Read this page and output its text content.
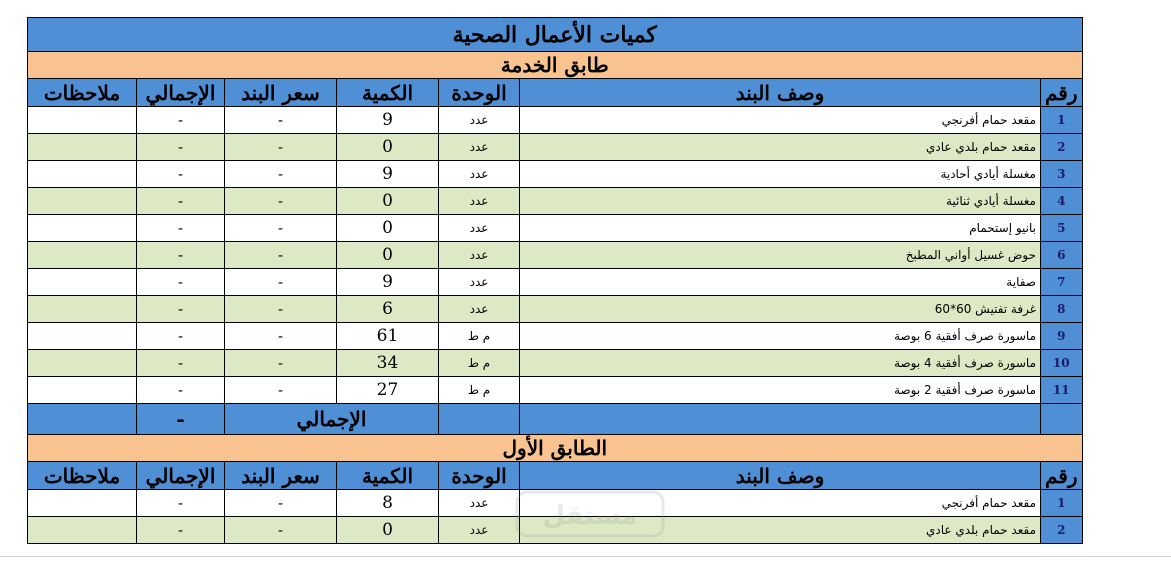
كميات الأعمال الصحية						
طابق الخدمة						
رقم	وصف البند	الوحدة	الكمية	سعر البند	الإجمالي	ملاحظات
1	مقعد حمام أفرنجي	عدد	9	-	-	
2	مقعد حمام بلدي عادي	عدد	0	-	-	
3	مغسلة أيادي أحادية	عدد	9	-	-	
4	مغسلة أيادي ثنائية	عدد	0	-	-	
5	بانيو إستحمام	عدد	0	-	-	
6	حوض غسيل أواني المطبخ	عدد	0	-	-	
7	صفاية	عدد	9	-	-	
8	غرفة تفتيش 60*60	عدد	6	-	-	
9	ماسورة صرف أفقية 6 بوصة	م ط	61	-	-	
10	ماسورة صرف أفقية 4 بوصة	م ط	34	-	-	
11	ماسورة صرف أفقية 2 بوصة	م ط	27	-	-	
			الإجمالي		-	
الطابق الأول						
رقم	وصف البند	الوحدة	الكمية	سعر البند	الإجمالي	ملاحظات
1	مقعد حمام أفرنجي	عدد	8	-	-	
2	مقعد حمام بلدي عادي	عدد	0	-	-		مستقل
